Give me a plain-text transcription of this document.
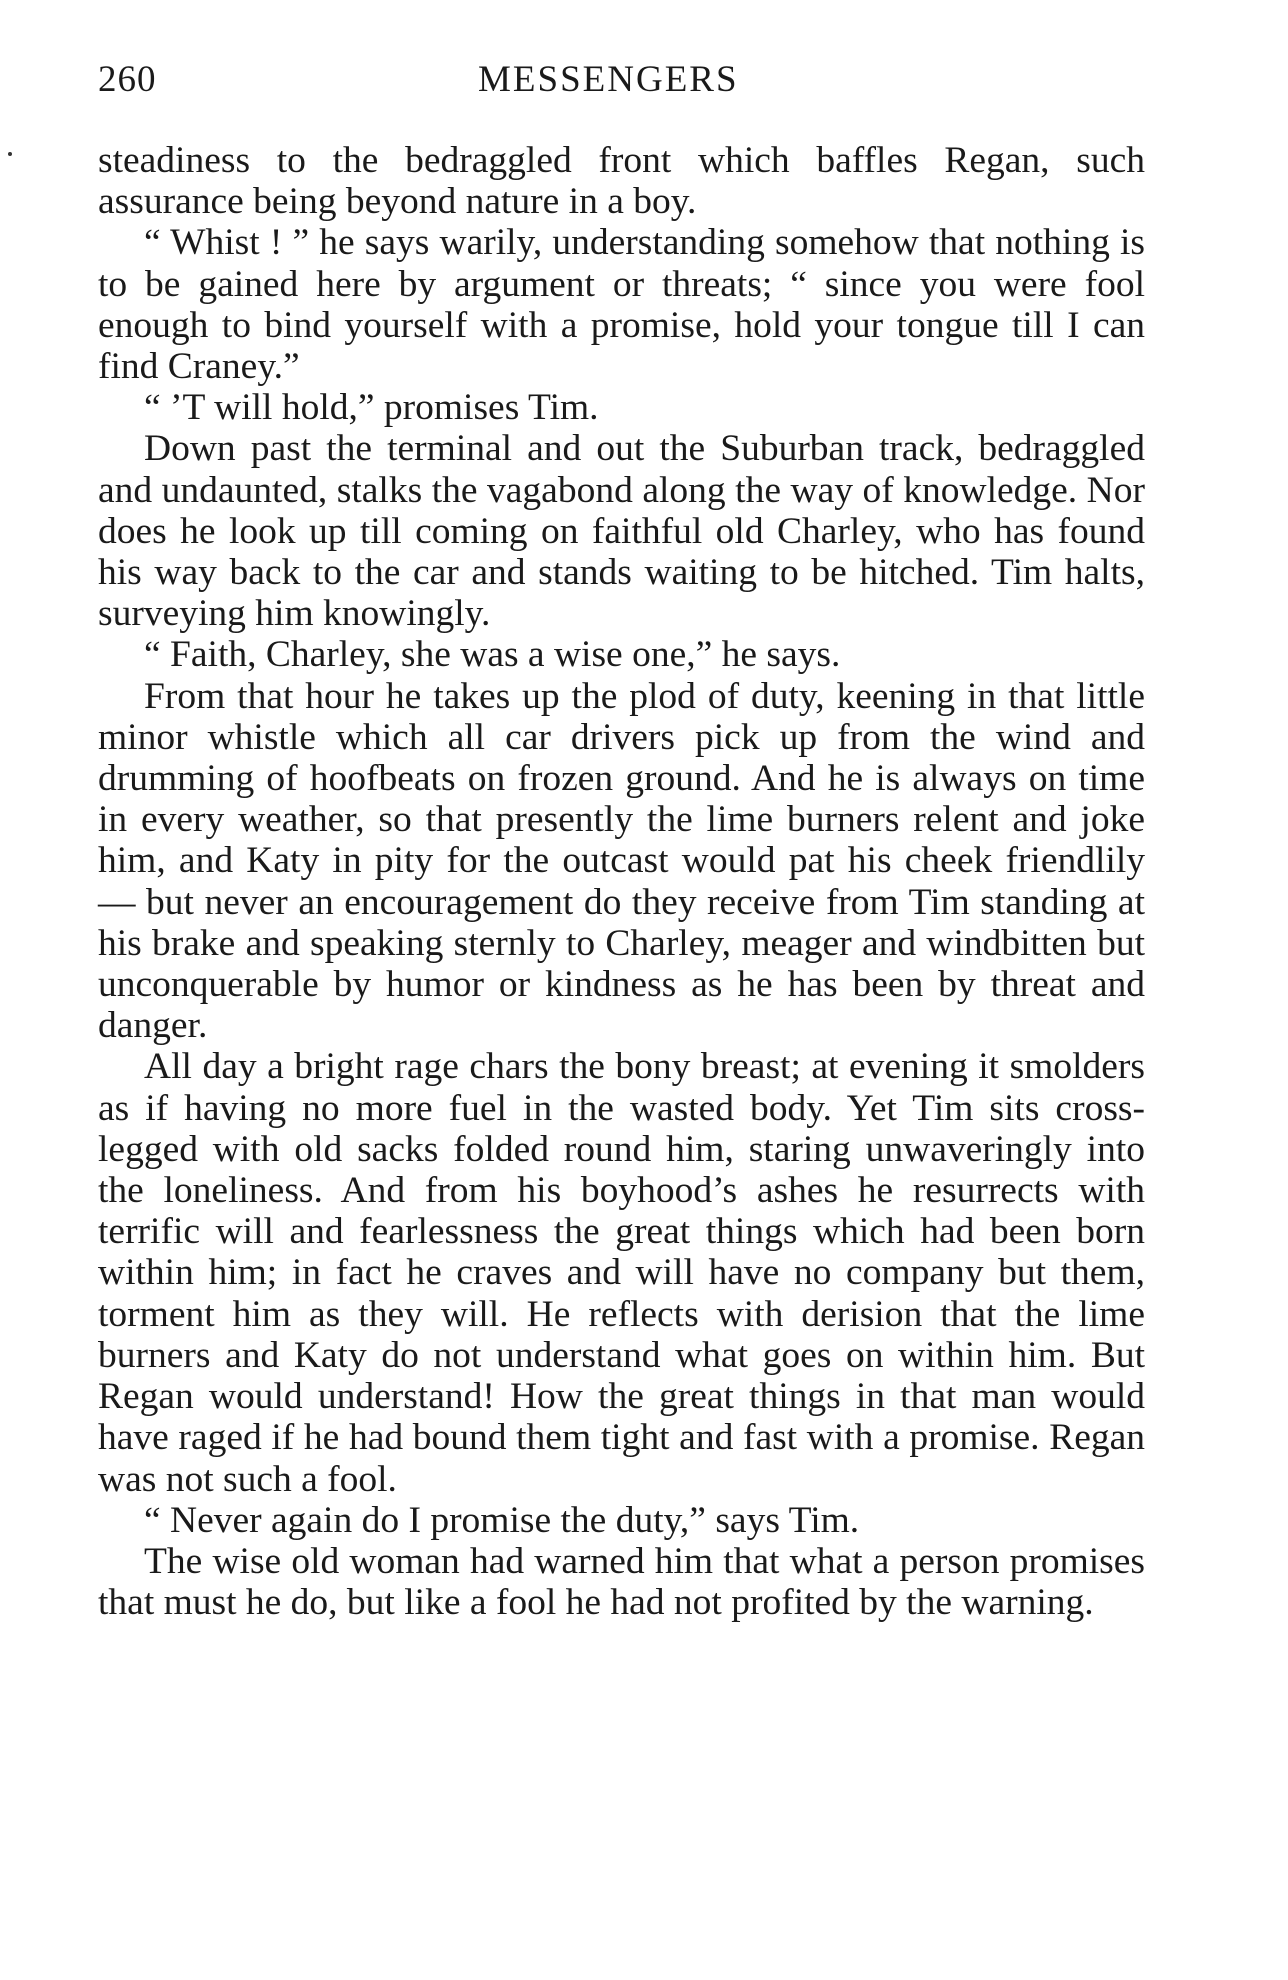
260	MESSENGERS

steadiness to the bedraggled front which baffles Regan, such assurance being beyond nature in a boy.

“ Whist ! ” he says warily, understanding somehow that nothing is to be gained here by argument or threats; “ since you were fool enough to bind yourself with a promise, hold your tongue till I can find Craney.”

“ ’T will hold,” promises Tim.

Down past the terminal and out the Suburban track, bedraggled and undaunted, stalks the vagabond along the way of knowledge. Nor does he look up till coming on faithful old Charley, who has found his way back to the car and stands waiting to be hitched. Tim halts, surveying him knowingly.

“ Faith, Charley, she was a wise one,” he says.

From that hour he takes up the plod of duty, keening in that little minor whistle which all car drivers pick up from the wind and drumming of hoofbeats on frozen ground. And he is always on time in every weather, so that presently the lime burners relent and joke him, and Katy in pity for the outcast would pat his cheek friendlily — but never an encouragement do they receive from Tim standing at his brake and speaking sternly to Charley, meager and windbitten but unconquerable by humor or kindness as he has been by threat and danger.

All day a bright rage chars the bony breast; at evening it smolders as if having no more fuel in the wasted body. Yet Tim sits cross-legged with old sacks folded round him, staring unwaveringly into the loneliness. And from his boyhood’s ashes he resurrects with terrific will and fearlessness the great things which had been born within him; in fact he craves and will have no company but them, torment him as they will. He reflects with derision that the lime burners and Katy do not understand what goes on within him. But Regan would understand! How the great things in that man would have raged if he had bound them tight and fast with a promise. Regan was not such a fool.

“ Never again do I promise the duty,” says Tim.

The wise old woman had warned him that what a person promises that must he do, but like a fool he had not profited by the warning.
